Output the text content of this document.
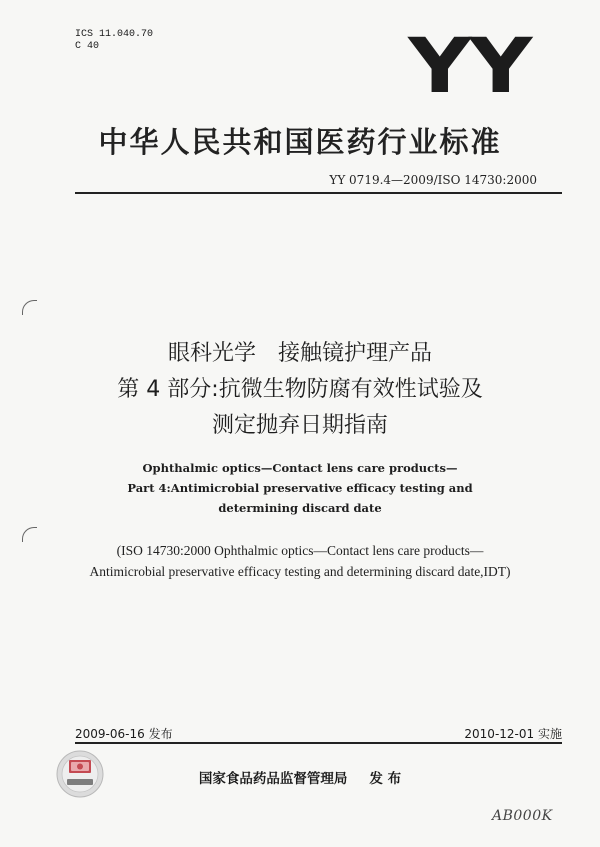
ICS 11.040.70
C 40	YY
中华人民共和国医药行业标准
YY 0719.4—2009/ISO 14730:2000
眼科光学　接触镜护理产品
第 4 部分:抗微生物防腐有效性试验及
测定抛弃日期指南
Ophthalmic optics—Contact lens care products—
Part 4:Antimicrobial preservative efficacy testing and
determining discard date
(ISO 14730:2000 Ophthalmic optics—Contact lens care products—
Antimicrobial preservative efficacy testing and determining discard date,IDT)
2009-06-16 发布	2010-12-01 实施
国家食品药品监督管理局 发 布
AB000K
